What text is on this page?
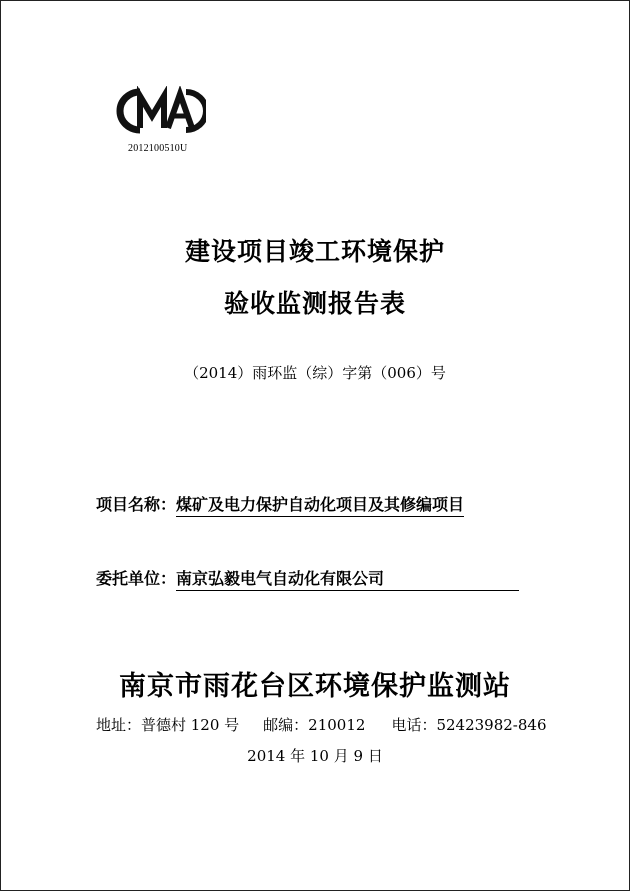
2012100510U
建设项目竣工环境保护
验收监测报告表
（2014）雨环监（综）字第（006）号
项目名称：煤矿及电力保护自动化项目及其修编项目
委托单位：南京弘毅电气自动化有限公司
南京市雨花台区环境保护监测站
地址：普德村 120 号 邮编：210012 电话：52423982-846
2014 年 10 月 9 日
